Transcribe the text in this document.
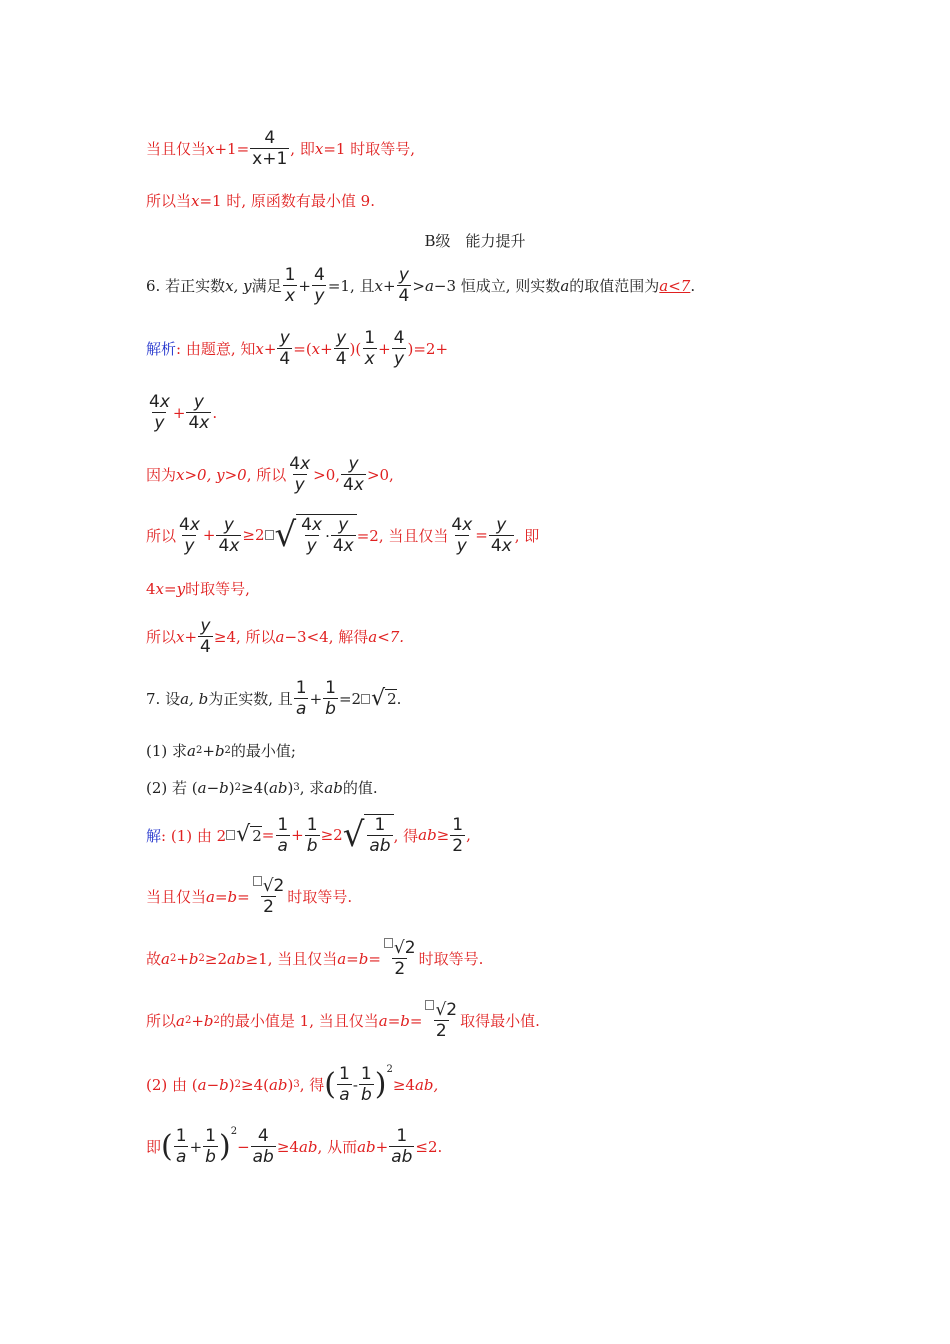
当且仅当 $x +1= \frac{4}{x+1}$ , 即 x =1 时取等号,
所以当 x =1 时, 原函数有最小值 9.
B级　能力提升
6. 若正实数 x, y 满足 $\frac{1}{x} + \frac{4}{y} =1$, 且 $x + \frac{y}{4} > a -3$ 恒成立, 则实数 a 的取值范围为 a<7 .
解析 : 由题意, 知 $x + \frac{y}{4}$ =( $x + \frac{y}{4}$ )( $\frac{1}{x} + \frac{4}{y} )=2+$
$\frac{4x}{y} + \frac{y}{4x}$ .
因为 x>0, y>0 , 所以 $\frac{4x}{y} >0$, $\frac{y}{4x} >0$,
所以 $\frac{4x}{y} + \frac{y}{4x} \ge 2$ √ $\frac{4x}{y} \cdot \frac{y}{4x} =2$, 当且仅当 $\frac{4x}{y} = \frac{y}{4x}$ , 即
4 x=y 时取等号,
所以 $x+ \frac{y}{4} \ge 4$, 所以 a −3<4, 解得 a<7.
7. 设 a, b 为正实数, 且 $\frac{1}{a} + \frac{1}{b} =2$ √ 2 .
(1) 求 a 2 + b 2 的最小值;
(2) 若 ( a−b ) 2 ≥4( ab ) 3 , 求 ab 的值.
解 : (1) 由 2 √ $2 = \frac{1}{a} + \frac{1}{b} \ge 2$ √ $\frac{1}{ab}$ , 得 ab ≥ $\frac{1}{2}$ ,
当且仅当 $a=b= \frac{√2}{2}$ 时取等号.
故 a 2 + b 2 ≥2 ab ≥1, 当且仅当 $a=b= \frac{√2}{2}$ 时取等号.
所以 a 2 + b 2 的最小值是 1, 当且仅当 $a=b= \frac{√2}{2}$ 取得最小值.
(2) 由 ( a−b ) 2 ≥4( ab ) 3 , 得 ( $\frac{1}{a} - \frac{1}{b}$ ) 2
≥4 ab,
即 ( $\frac{1}{a} + \frac{1}{b}$ ) 2
− $\frac{4}{ab} \ge 4$ ab , 从而 $ab+ \frac{1}{ab} \le 2$.
